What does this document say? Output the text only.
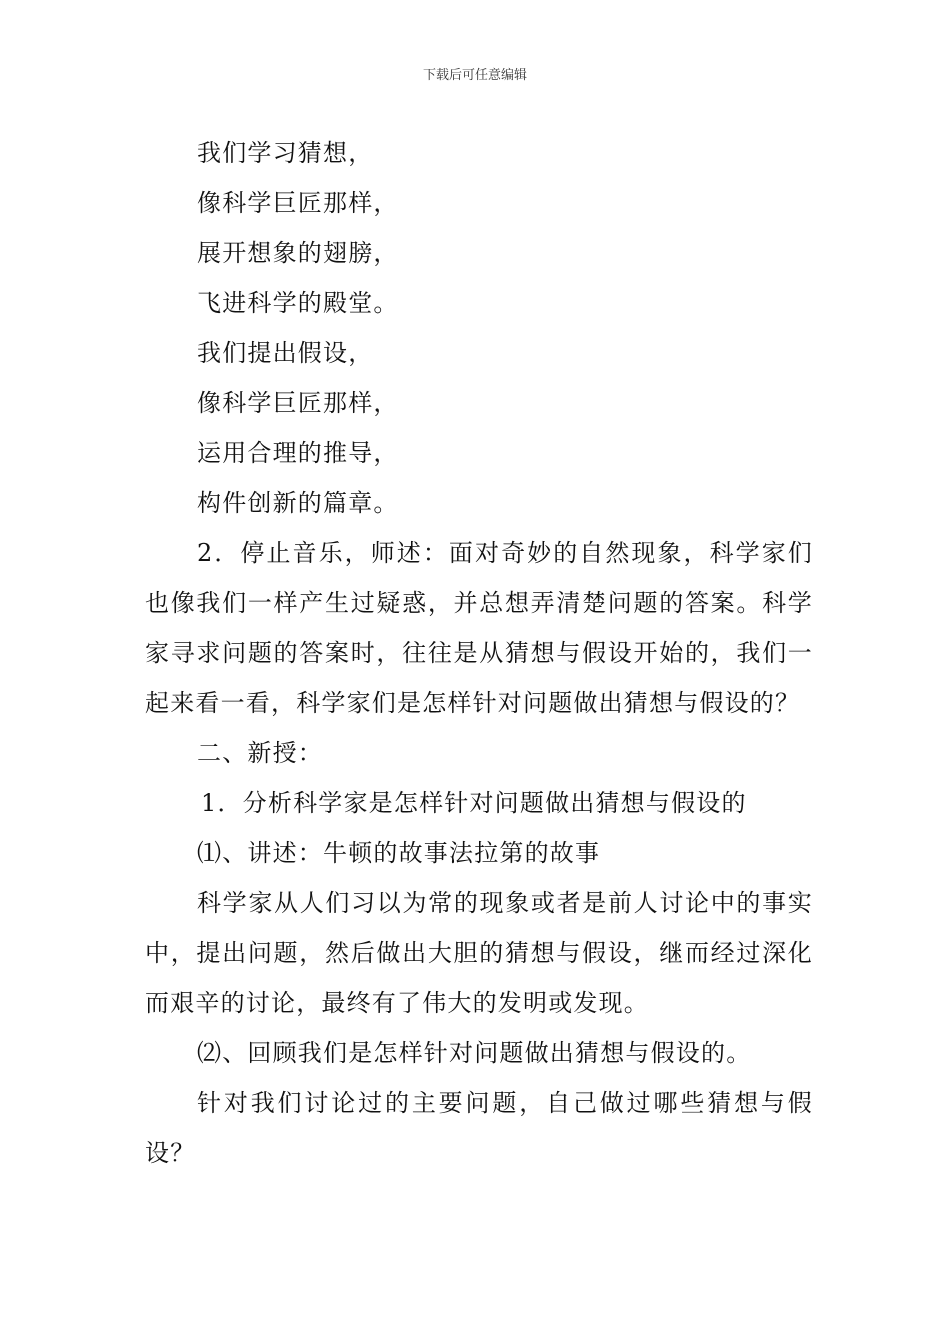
下载后可任意编辑
我们学习猜想，
像科学巨匠那样，
展开想象的翅膀，
飞进科学的殿堂。
我们提出假设，
像科学巨匠那样，
运用合理的推导，
构件创新的篇章。
2．停止音乐，师述：面对奇妙的自然现象，科学家们也像我们一样产生过疑惑，并总想弄清楚问题的答案。科学家寻求问题的答案时，往往是从猜想与假设开始的，我们一起来看一看，科学家们是怎样针对问题做出猜想与假设的？
二、新授：
1．分析科学家是怎样针对问题做出猜想与假设的
⑴、讲述：牛顿的故事法拉第的故事
科学家从人们习以为常的现象或者是前人讨论中的事实中，提出问题，然后做出大胆的猜想与假设，继而经过深化而艰辛的讨论，最终有了伟大的发明或发现。
⑵、回顾我们是怎样针对问题做出猜想与假设的。
针对我们讨论过的主要问题，自己做过哪些猜想与假设？
